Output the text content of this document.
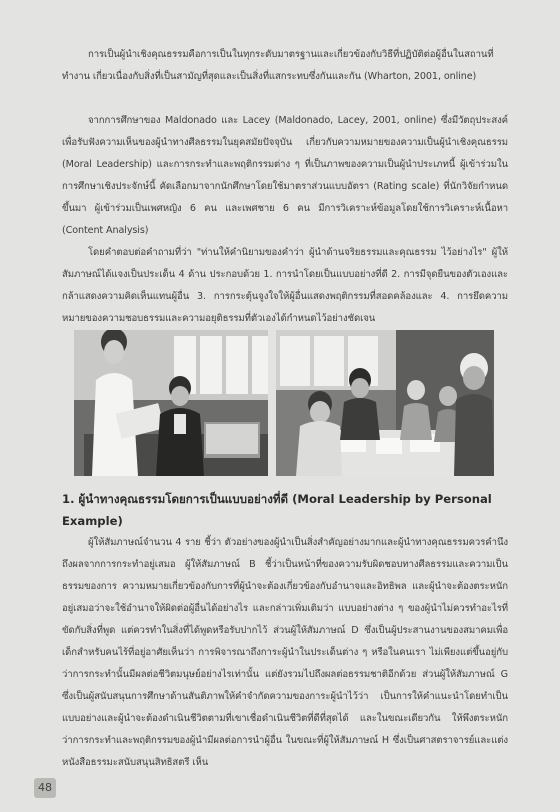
การเป็นผู้นำเชิงคุณธรรมคือการเป็นในทุกระดับมาตรฐานและเกี่ยวข้องกับวิธีที่ปฏิบัติต่อผู้อื่นในสถานที่ทำงาน เกี่ยวเนื่องกับสิ่งที่เป็นสามัญที่สุดและเป็นสิ่งที่แสกระทบซึ่งกันและกัน (Wharton, 2001, online)

จากการศึกษาของ Maldonado และ Lacey (Maldonado, Lacey, 2001, online) ซึ่งมีวัตถุประสงค์เพื่อรับฟังความเห็นของผู้นำทางศีลธรรมในยุคสมัยปัจจุบัน เกี่ยวกับความหมายของความเป็นผู้นำเชิงคุณธรรม (Moral Leadership) และการกระทำและพฤติกรรมต่าง ๆ ที่เป็นภาพของความเป็นผู้นำประเภทนี้ ผู้เข้าร่วมในการศึกษาเชิงประจักษ์นี้ คัดเลือกมาจากนักศึกษาโดยใช้มาตราส่วนแบบอัตรา (Rating scale) ที่นักวิจัยกำหนดขึ้นมา ผู้เข้าร่วมเป็นเพศหญิง 6 คน และเพศชาย 6 คน มีการวิเคราะห์ข้อมูลโดยใช้การวิเคราะห์เนื้อหา (Content Analysis)

โดยคำตอบต่อคำถามที่ว่า "ท่านให้คำนิยามของคำว่า ผู้นำด้านจริยธรรมและคุณธรรม ไว้อย่างไร" ผู้ให้สัมภาษณ์ได้แจงเป็นประเด็น 4 ด้าน ประกอบด้วย 1. การนำโดยเป็นแบบอย่างที่ดี 2. การมีจุดยืนของตัวเองและกล้าแสดงความคิดเห็นแทนผู้อื่น 3. การกระตุ้นจูงใจให้ผู้อื่นแสดงพฤติกรรมที่สอดคล้องและ 4. การยึดความหมายของความชอบธรรมและความอยุติธรรมที่ตัวเองได้กำหนดไว้อย่างชัดเจน

1. ผู้นำทางคุณธรรมโดยการเป็นแบบอย่างที่ดี (Moral Leadership by Personal Example)

ผู้ให้สัมภาษณ์จำนวน 4 ราย ชี้ว่า ตัวอย่างของผู้นำเป็นสิ่งสำคัญอย่างมากและผู้นำทางคุณธรรมควรคำนึงถึงผลจากการกระทำอยู่เสมอ ผู้ให้สัมภาษณ์ B ชี้ว่าเป็นหน้าที่ของความรับผิดชอบทางศีลธรรมและความเป็นธรรมของการ ความหมายเกี่ยวข้องกับการที่ผู้นำจะต้องเกี่ยวข้องกับอำนาจและอิทธิพล และผู้นำจะต้องตระหนักอยู่เสมอว่าจะใช้อำนาจให้ผิดต่อผู้อื่นได้อย่างไร และกล่าวเพิ่มเติมว่า แบบอย่างต่าง ๆ ของผู้นำไม่ควรทำอะไรที่ขัดกับสิ่งที่พูด แต่ควรทำในสิ่งที่ได้พูดหรือรับปากไว้ ส่วนผู้ให้สัมภาษณ์ D ซึ่งเป็นผู้ประสานงานของสมาคมเพื่อเด็กสำหรับคนไร้ที่อยู่อาศัยเห็นว่า การพิจารณาถึงการะผู้นำในประเด็นต่าง ๆ หรือในคนเรา ไม่เพียงแต่ขึ้นอยู่กับว่าการกระทำนั้นมีผลต่อชีวิตมนุษย์อย่างไรเท่านั้น แต่ยังรวมไปถึงผลต่อธรรมชาติอีกด้วย ส่วนผู้ให้สัมภาษณ์ G ซึ่งเป็นผู้สนับสนุนการศึกษาด้านสันติภาพให้คำจำกัดความของการะผู้นำไว้ว่า เป็นการให้คำแนะนำโดยทำเป็นแบบอย่างและผู้นำจะต้องดำเนินชีวิตตามที่เขาเชื่อดำเนินชีวิตที่ดีที่สุดได้ และในขณะเดียวกัน ให้พึงตระหนักว่าการกระทำและพฤติกรรมของผู้นำมีผลต่อการนำผู้อื่น ในขณะที่ผู้ให้สัมภาษณ์ H ซึ่งเป็นศาสตราจารย์และแต่งหนังสือธรรมะสนับสนุนสิทธิสตรี เห็น

48
